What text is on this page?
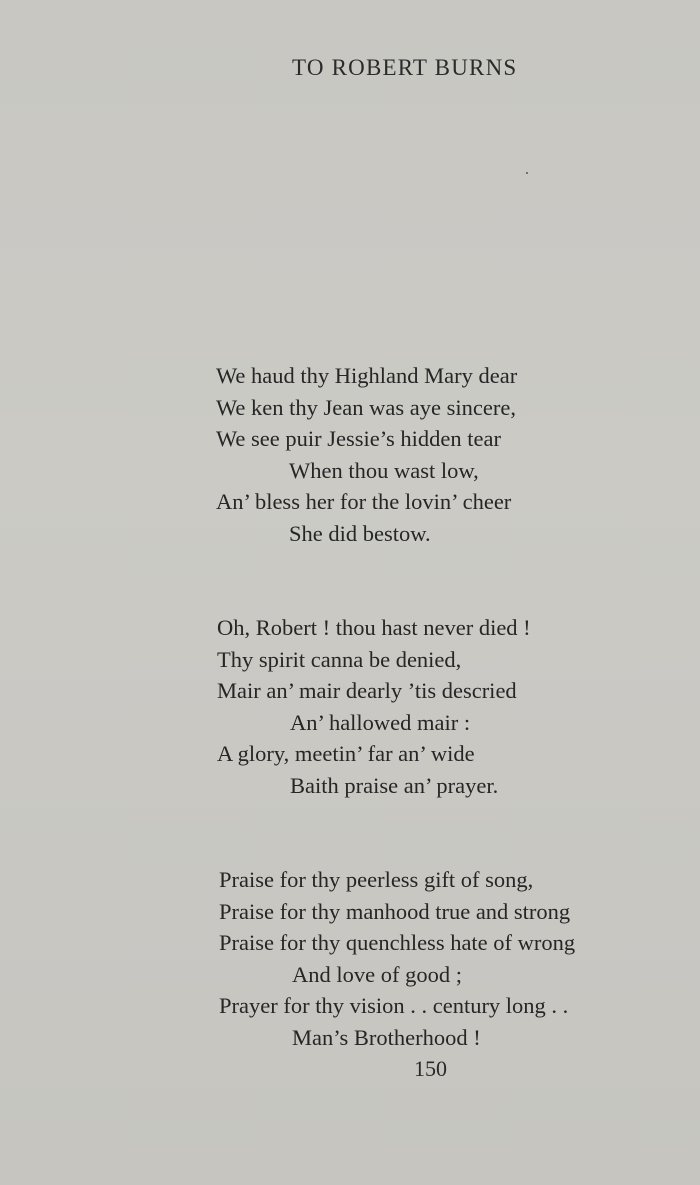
TO ROBERT BURNS
We haud thy Highland Mary dear
We ken thy Jean was aye sincere,
We see puir Jessie’s hidden tear
When thou wast low,
An’ bless her for the lovin’ cheer
She did bestow.
Oh, Robert ! thou hast never died !
Thy spirit canna be denied,
Mair an’ mair dearly ’tis descried
An’ hallowed mair :
A glory, meetin’ far an’ wide
Baith praise an’ prayer.
Praise for thy peerless gift of song,
Praise for thy manhood true and strong
Praise for thy quenchless hate of wrong
And love of good ;
Prayer for thy vision . . century long . .
Man’s Brotherhood !
150
